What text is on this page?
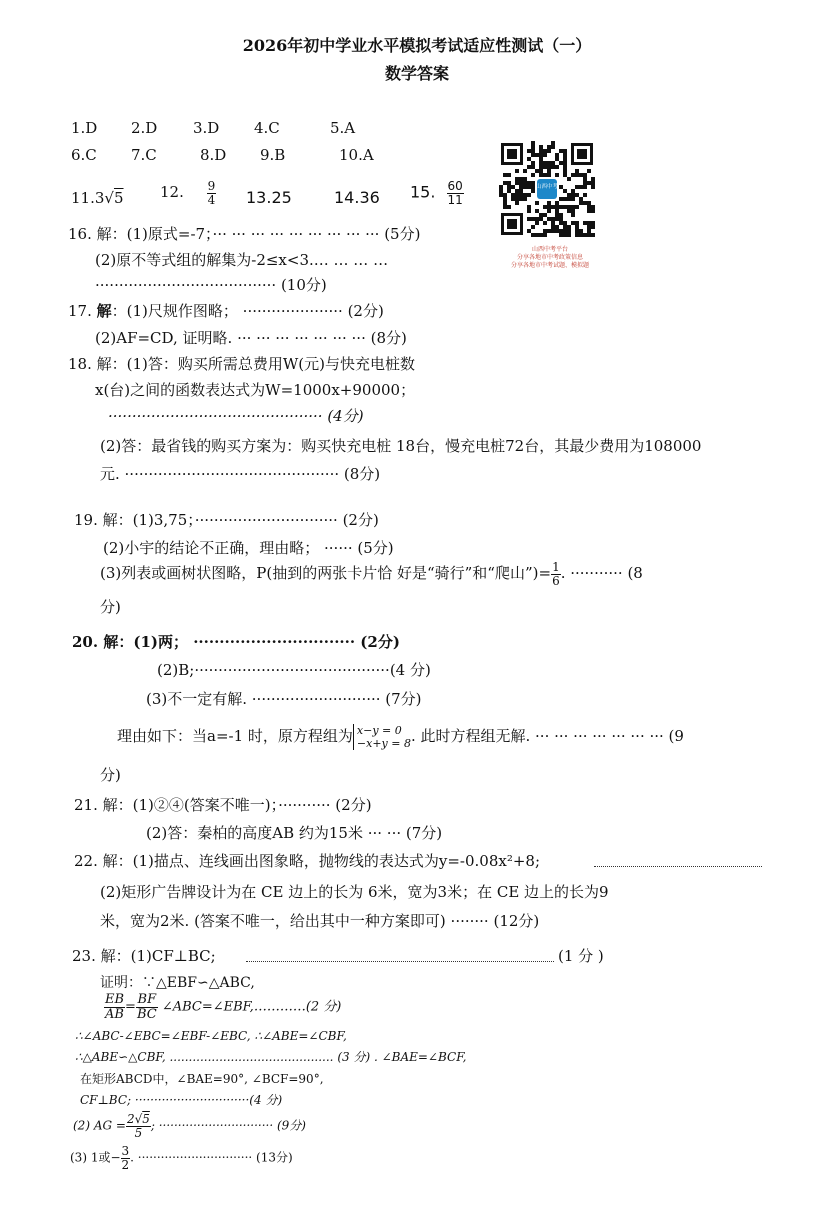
2026年初中学业水平模拟考试适应性测试（一）
数学答案
1.D 2.D 3.D 4.C	5.A
6.C 7.C	8.D 9.B	10.A
11.3√5 12. $\frac{9}{4} 13.25$	14.36 15. $\frac{60}{11}$	山西中考
山西中考平台
分享各地市中考政策信息
分享各地市中考试题、模拟题
16. 解：(1)原式=-7；··· ··· ··· ··· ··· ··· ··· ··· ··· (5分)
(2)原不等式组的解集为-2≤x<3.… … … …
······································ (10分)
17. 解：(1)尺规作图略； ····················· (2分)
(2)AF=CD, 证明略. ··· ··· ··· ··· ··· ··· ··· (8分)
18. 解：(1)答：购买所需总费用W(元)与快充电桩数
x(台)之间的函数表达式为W=1000x+90000；
············································· (4分)
(2)答：最省钱的购买方案为：购买快充电桩 18台，慢充电桩72台，其最少费用为108000
元. ············································· (8分)
19. 解：(1)3,75；······························ (2分)
(2)小宇的结论不正确，理由略； ······ (5分)
(3)列表或画树状图略，P(抽到的两张卡片恰 好是“骑行”和“爬山”)= $\frac{1}{6}$ . ··········· (8
分)
20. 解：(1)两； ······························· (2分)
(2)B;·········································(4 分)
(3)不一定有解. ··························· (7分)
理由如下：当a=-1 时，原方程组为 x−y = 0
−x+y = 8 . 此时方程组无解. ··· ··· ··· ··· ··· ··· ··· (9
分)
21. 解：(1)②④(答案不唯一)；··········· (2分)
(2)答：秦柏的高度AB 约为15米 ··· ··· (7分)
22. 解：(1)描点、连线画出图象略，抛物线的表达式为y=-0.08x²+8;
(2)矩形广告牌设计为在 CE 边上的长为 6米，宽为3米；在 CE 边上的长为9
米，宽为2米. (答案不唯一，给出其中一种方案即可) ········ (12分)
23. 解：(1)CF⊥BC;	(1 分 )
证明：∵△EBF∽△ABC,
$\frac{EB}{AB} = \frac{BF}{BC}$ ∠ABC=∠EBF,…………(2 分)
∴∠ABC-∠EBC=∠EBF-∠EBC, ∴∠ABE=∠CBF,
∴△ABE∽△CBF, ........................................... (3 分) . ∠BAE=∠BCF,
在矩形ABCD中，∠BAE=90°, ∠BCF=90°,
CF⊥BC; ······························(4 分)
(2) AG = $\frac{2√5}{5}$ ; ······························ (9分)
(3) 1或− $\frac{3}{2}$ . ······························ (13分)
